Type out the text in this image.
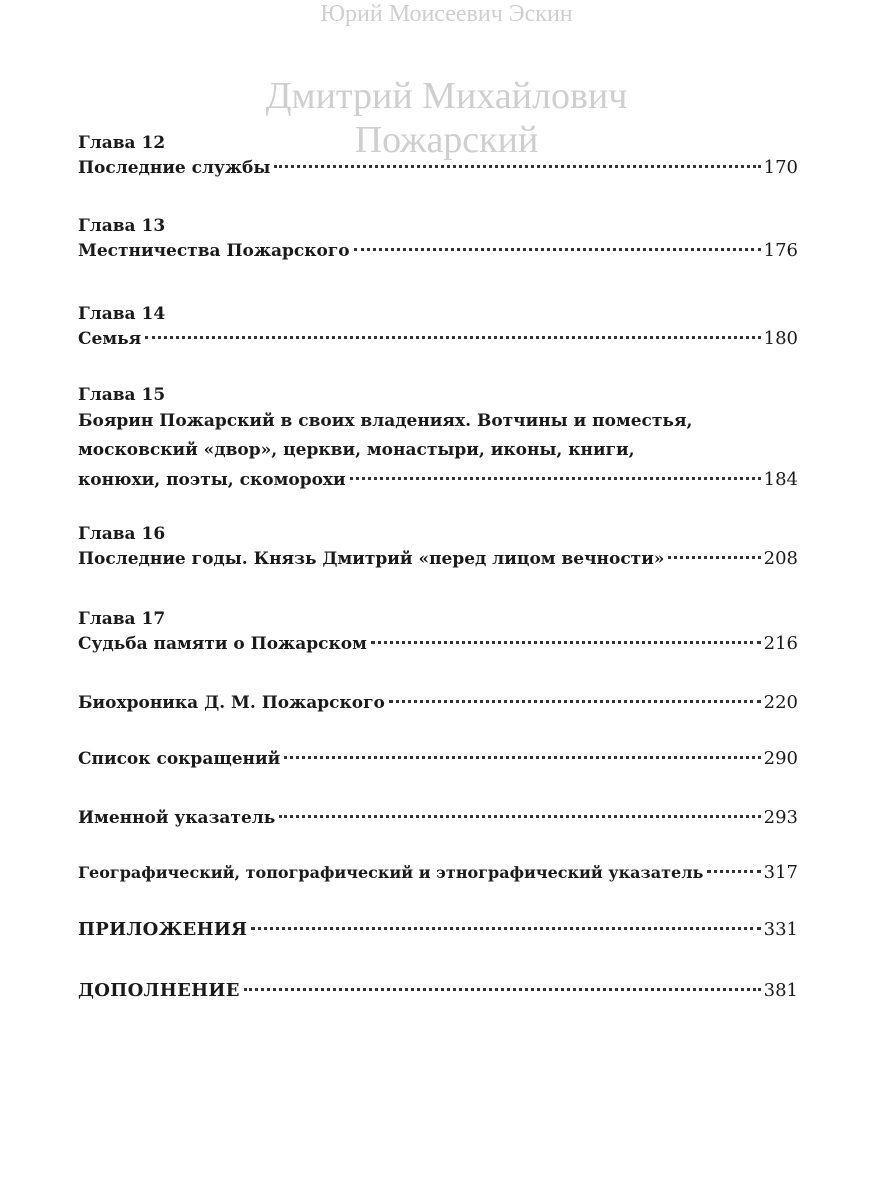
Юрий Моисеевич Эскин
Дмитрий Михайлович
Пожарский
Глава 12
Последние службы	170
Глава 13
Местничества Пожарского	176
Глава 14
Семья	180
Глава 15
Боярин Пожарский в своих владениях. Вотчины и поместья,
московский «двор», церкви, монастыри, иконы, книги,
конюхи, поэты, скоморохи	184
Глава 16
Последние годы. Князь Дмитрий «перед лицом вечности»	208
Глава 17
Судьба памяти о Пожарском	216
Биохроника Д. М. Пожарского	220
Список сокращений	290
Именной указатель	293
Географический, топографический и этнографический указатель	317
ПРИЛОЖЕНИЯ	331
ДОПОЛНЕНИЕ	381
